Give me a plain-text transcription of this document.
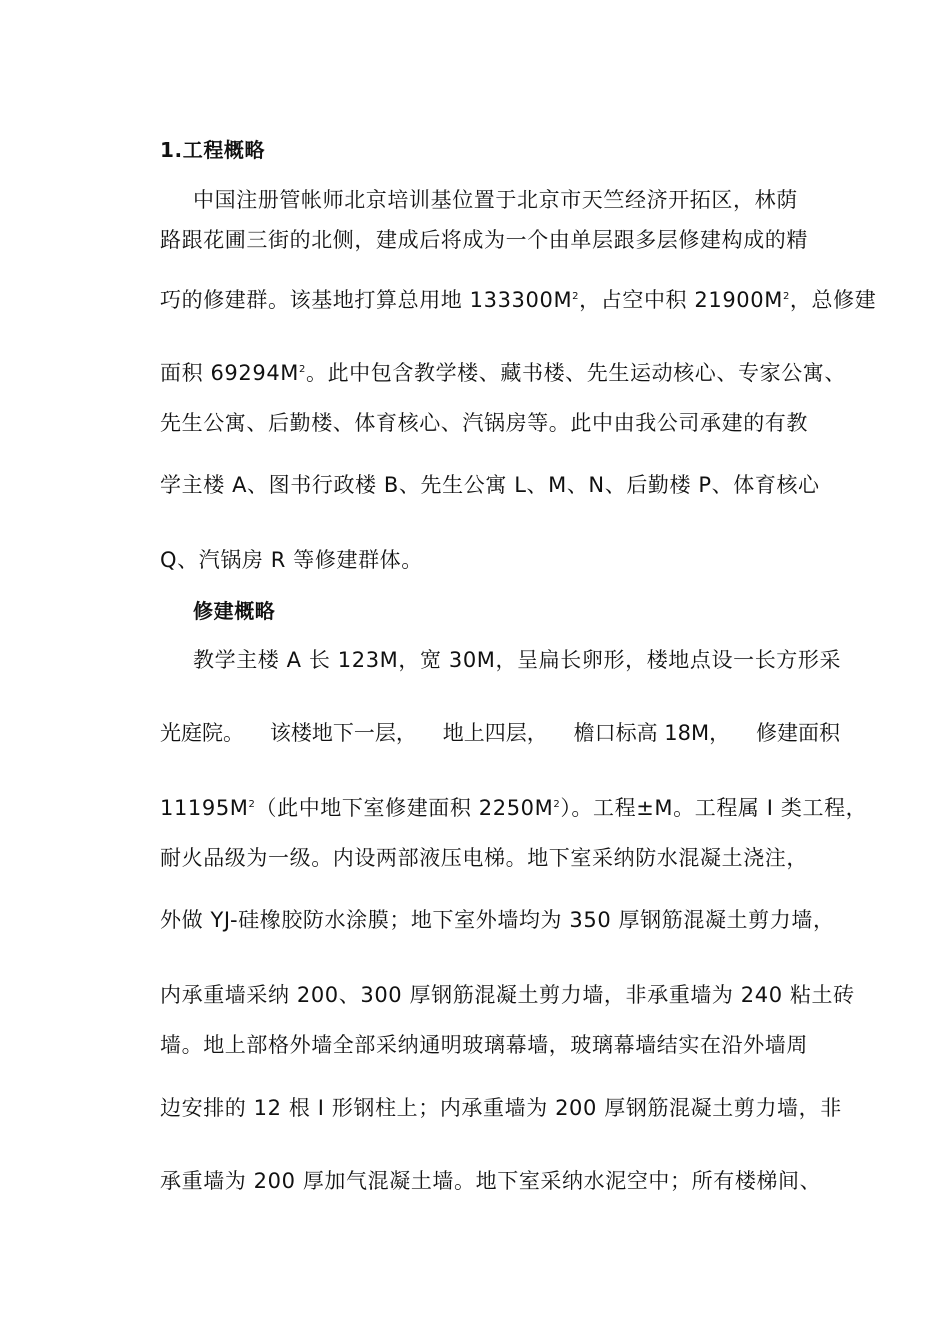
1.工程概略
中国注册管帐师北京培训基位置于北京市天竺经济开拓区，林荫
路跟花圃三街的北侧，建成后将成为一个由单层跟多层修建构成的精
巧的修建群。该基地打算总用地 $133300M^2$，占空中积 $21900M^2$，总修建
面积 $69294M^2$。此中包含教学楼、藏书楼、先生运动核心、专家公寓、
先生公寓、后勤楼、体育核心、汽锅房等。此中由我公司承建的有教
学主楼 A、图书行政楼 B、先生公寓 L、M、N、后勤楼 P、体育核心
Q、汽锅房 R 等修建群体。
修建概略
教学主楼 A 长 123M，宽 30M，呈扁长卵形，楼地点设一长方形采
光庭院。 该楼地下一层， 地上四层， 檐口标高 18M， 修建面积
$11195M^2$（此中地下室修建面积 $2250M^2$）。工程±M。工程属 I 类工程，
耐火品级为一级。内设两部液压电梯。地下室采纳防水混凝土浇注，
外做 YJ-硅橡胶防水涂膜；地下室外墙均为 350 厚钢筋混凝土剪力墙，
内承重墙采纳 200、300 厚钢筋混凝土剪力墙，非承重墙为 240 粘土砖
墙。地上部格外墙全部采纳通明玻璃幕墙，玻璃幕墙结实在沿外墙周
边安排的 12 根 I 形钢柱上；内承重墙为 200 厚钢筋混凝土剪力墙，非
承重墙为 200 厚加气混凝土墙。地下室采纳水泥空中；所有楼梯间、
